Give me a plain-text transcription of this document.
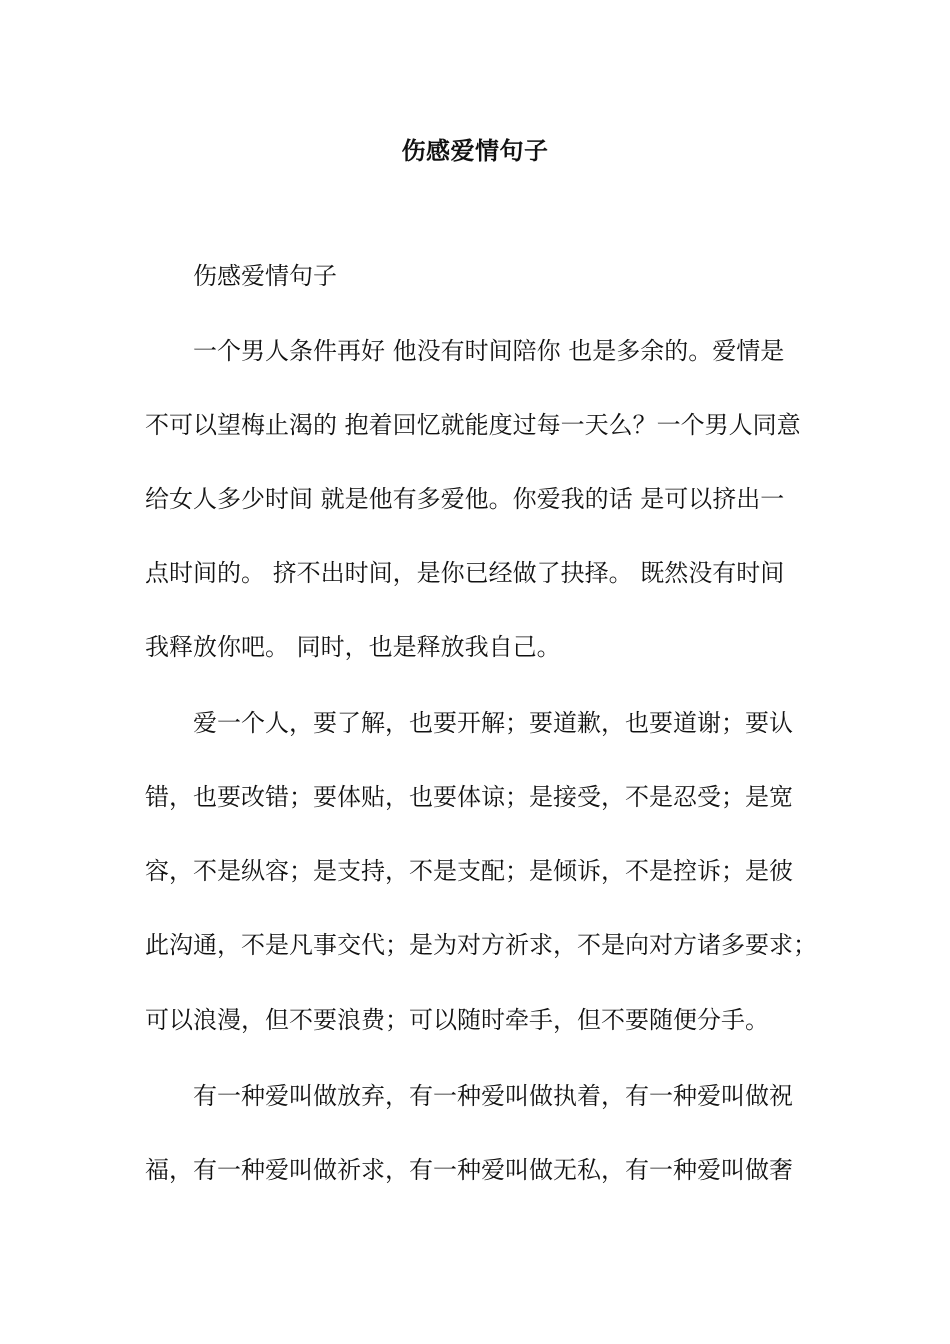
伤感爱情句子
伤感爱情句子
一个男人条件再好 他没有时间陪你 也是多余的。爱情是
不可以望梅止渴的 抱着回忆就能度过每一天么？一个男人同意
给女人多少时间 就是他有多爱他。你爱我的话 是可以挤出一
点时间的。 挤不出时间，是你已经做了抉择。 既然没有时间
我释放你吧。 同时，也是释放我自己。
爱一个人，要了解，也要开解；要道歉，也要道谢；要认
错，也要改错；要体贴，也要体谅；是接受，不是忍受；是宽
容，不是纵容；是支持，不是支配；是倾诉，不是控诉；是彼
此沟通，不是凡事交代；是为对方祈求，不是向对方诸多要求；
可以浪漫，但不要浪费；可以随时牵手，但不要随便分手。
有一种爱叫做放弃，有一种爱叫做执着，有一种爱叫做祝
福，有一种爱叫做祈求，有一种爱叫做无私，有一种爱叫做奢
